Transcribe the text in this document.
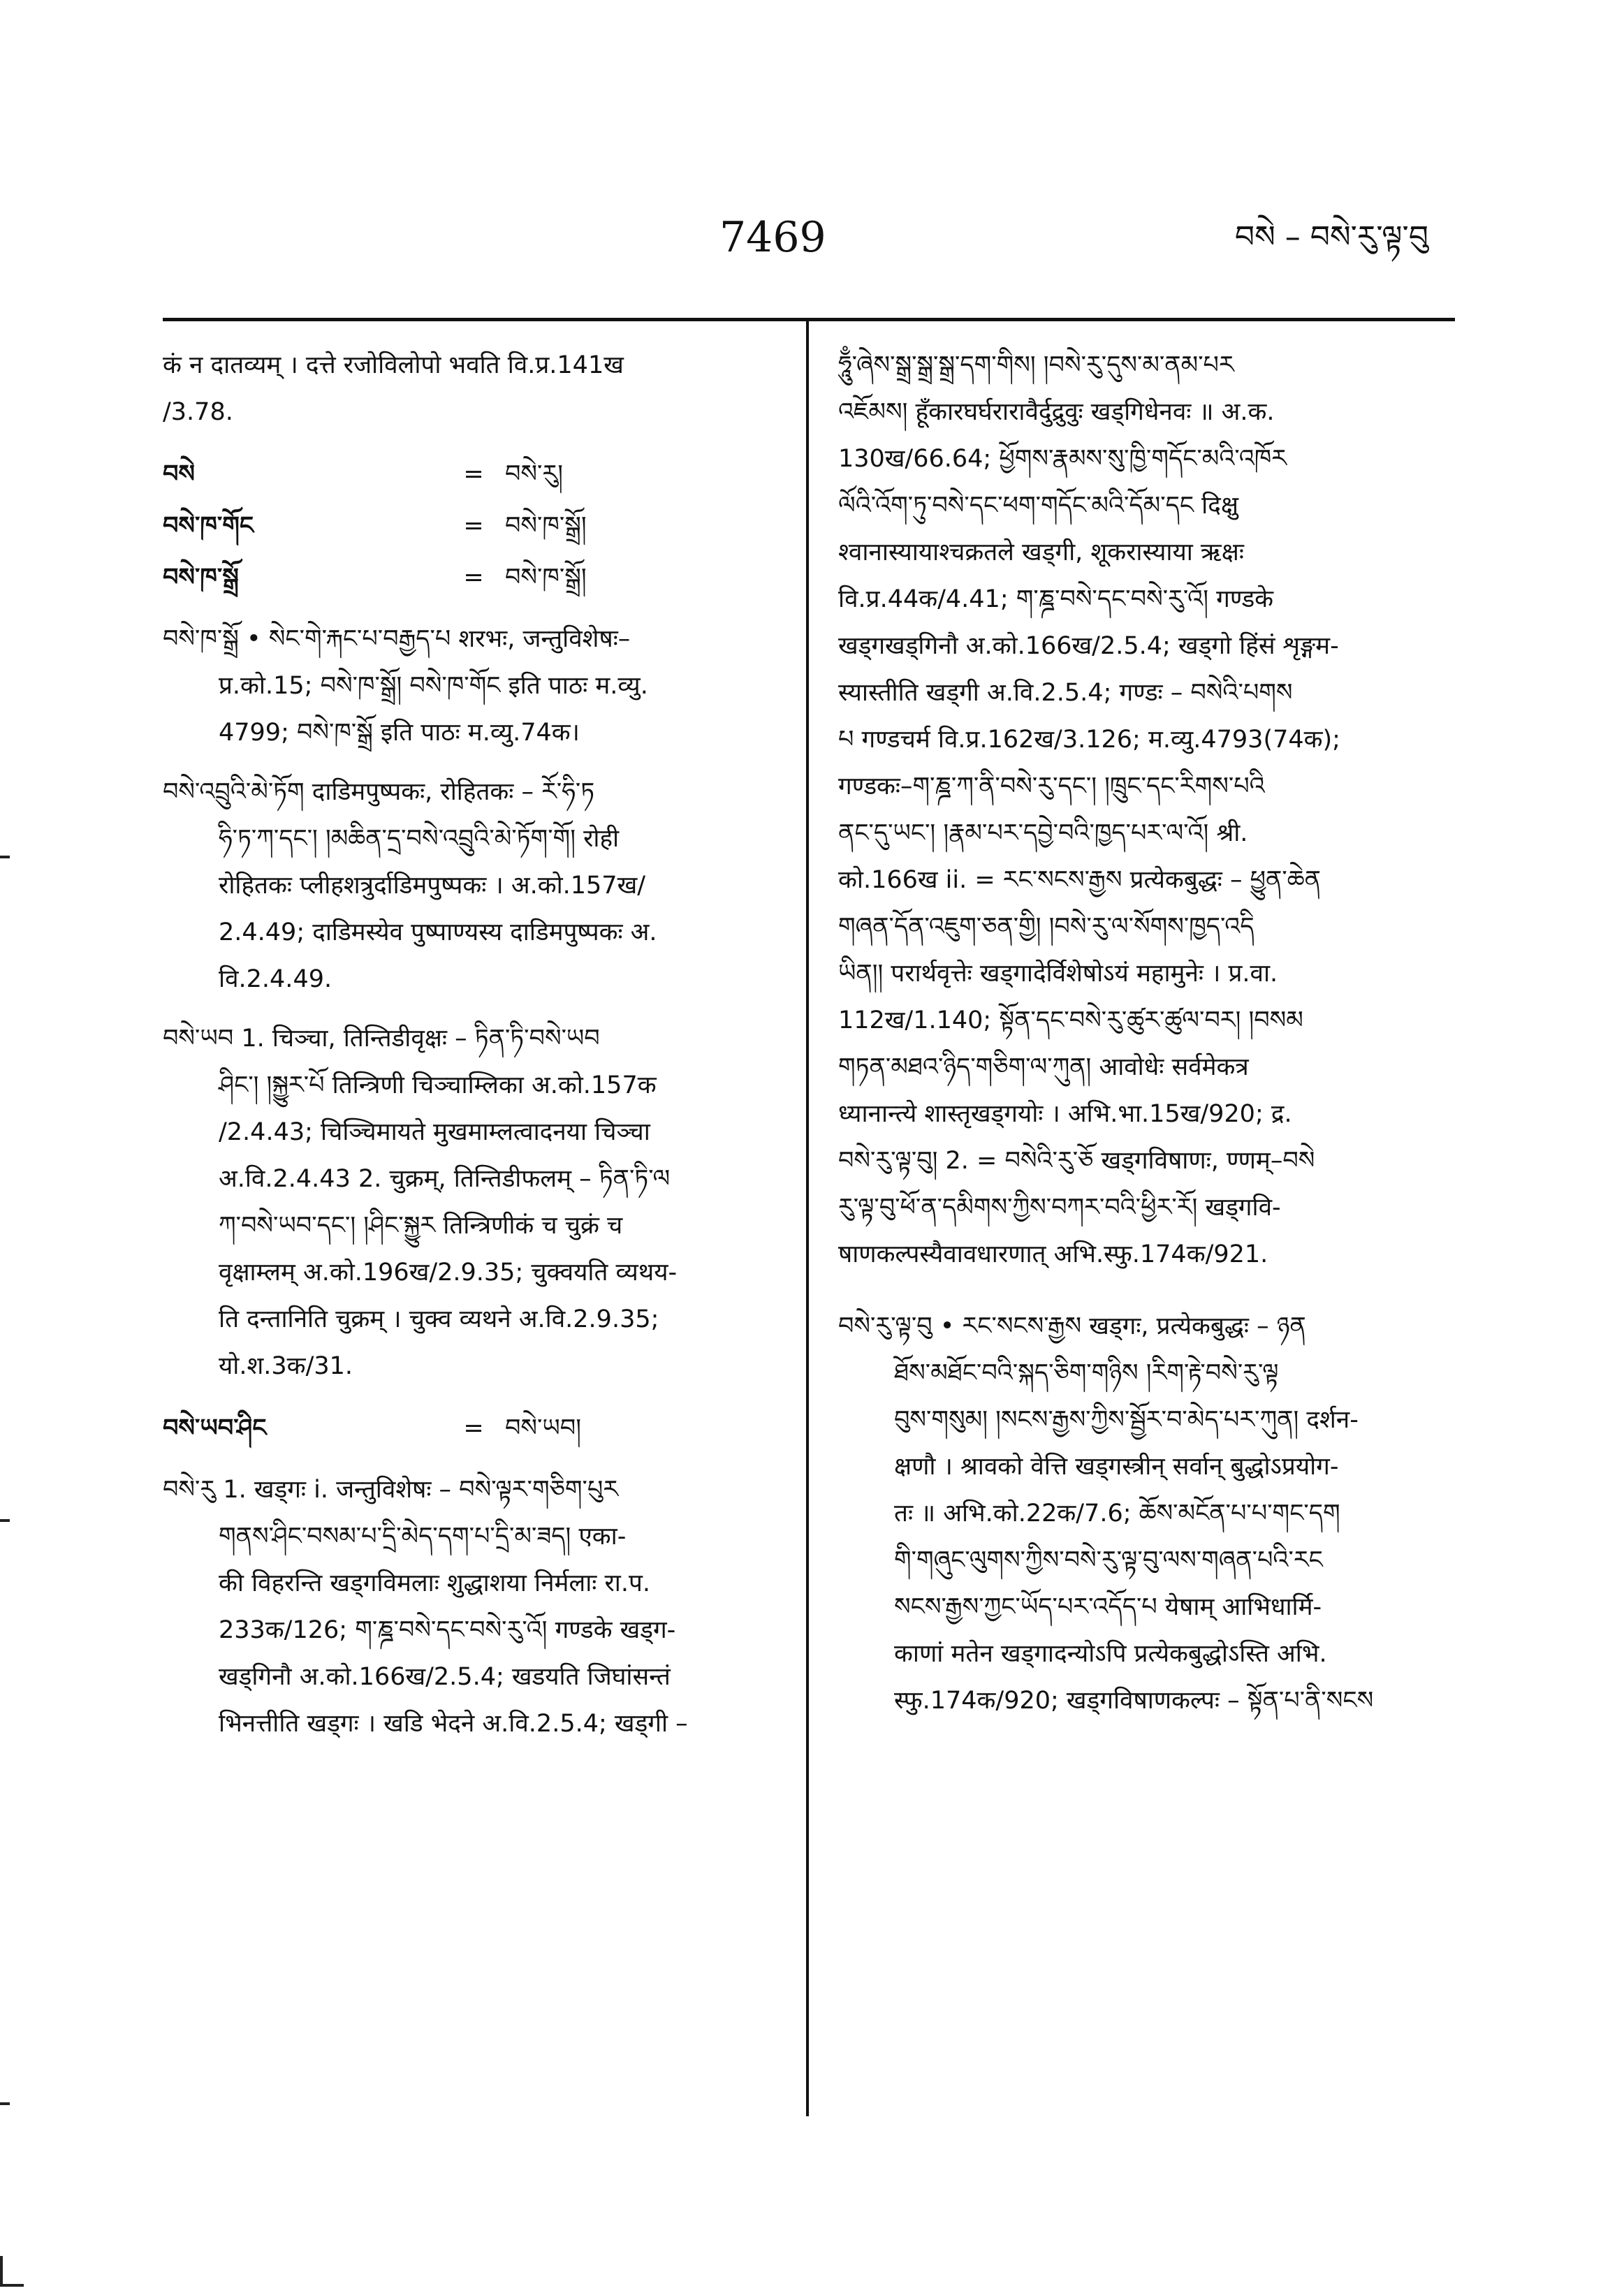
7469	བསེ – བསེ་རུ་ལྟ་བུ
कं न दातव्यम् । दत्ते रजोविलोपो भवति वि.प्र.141ख
/3.78.
བསེ	= བསེ་རུ།
བསེ་ཁ་གོང	= བསེ་ཁ་སྒྲོ།
བསེ་ཁ་སྒྲོ	= བསེ་ཁ་སྒྲོ།
བསེ་ཁ་སྒྲོ • སེང་གེ་རྐང་པ་བརྒྱད་པ शरभः, जन्तुविशेषः–
प्र.को.15; བསེ་ཁ་སྒྲོ། བསེ་ཁ་གོང इति पाठः म.व्यु.
4799; བསེ་ཁ་སྒྲོ इति पाठः म.व्यु.74क।
བསེ་འབྲུའི་མེ་ཏོག दाडिमपुष्पकः, रोहितकः – རོ་ཧི་ཏ
ཧི་ཏ་ཀ་དང་། །མཆིན་དྲ་བསེ་འབྲུའི་མེ་ཏོག་གོ། रोही
रोहितकः प्लीहशत्रुर्दाडिमपुष्पकः । अ.को.157ख/
2.4.49; दाडिमस्येव पुष्पाण्यस्य दाडिमपुष्पकः अ.
वि.2.4.49.
བསེ་ཡབ 1. चिञ्चा, तिन्तिडीवृक्षः – ཏིན་ཏི་བསེ་ཡབ
ཤིང་། །སྐྱུར་པོ तिन्त्रिणी चिञ्चाम्लिका अ.को.157क
/2.4.43; चिञ्चिमायते मुखमाम्लत्वादनया चिञ्चा
अ.वि.2.4.43 2. चुक्रम्, तिन्तिडीफलम् – ཏིན་ཏི་ལ
ཀ་བསེ་ཡབ་དང་། །ཤིང་སྐྱུར तिन्त्रिणीकं च चुक्रं च
वृक्षाम्लम् अ.को.196ख/2.9.35; चुक्वयति व्यथय-
ति दन्तानिति चुक्रम् । चुक्व व्यथने अ.वि.2.9.35;
यो.श.3क/31.
བསེ་ཡབ་ཤིང	= བསེ་ཡབ།
བསེ་རུ 1. खड्गः i. जन्तुविशेषः – བསེ་ལྟར་གཅིག་པུར
གནས་ཤིང་བསམ་པ་དྲི་མེད་དག་པ་དྲི་མ་ཟད། एका-
की विहरन्ति खड्गविमलाः शुद्धाशया निर्मलाः रा.प.
233क/126; ག་ཎྜ་བསེ་དང་བསེ་རུ་འོ། गण्डके खड्ग-
खड्गिनौ अ.को.166ख/2.5.4; खडयति जिघांसन्तं
भिनत्तीति खड्गः । खडि भेदने अ.वि.2.5.4; खड्गी –
ཧཱུྃ་ཞེས་སྒྲ་སྒྲ་སྒྲ་དག་གིས། །བསེ་རུ་དུས་མ་ནམ་པར
འཇོམས། हूँकारघर्घरारावैर्दुद्रुवुः खड्गिधेनवः ॥ अ.क.
130ख/66.64; ཕྱོགས་རྣམས་སུ་ཁྱི་གདོང་མའི་འཁོར
ལོའི་འོག་ཏུ་བསེ་དང་ཕག་གདོང་མའི་དོམ་དང दिक्षु
श्वानास्यायाश्चक्रतले खड्गी, शूकरास्याया ऋक्षः
वि.प्र.44क/4.41; ག་ཎྜ་བསེ་དང་བསེ་རུ་འོ། गण्डके
खड्गखड्गिनौ अ.को.166ख/2.5.4; खड्गो हिंसं शृङ्गम-
स्यास्तीति खड्गी अ.वि.2.5.4; गण्डः – བསེའི་པགས
པ गण्डचर्म वि.प्र.162ख/3.126; म.व्यु.4793(74क);
गण्डकः–ག་ཎྜ་ཀ་ནི་བསེ་རུ་དང་། །ཁྲུང་དང་རིགས་པའི
ནང་དུ་ཡང་། །རྣམ་པར་དབྱེ་བའི་ཁྱད་པར་ལ་འོ། श्री.
को.166ख ii. = རང་སངས་རྒྱས प्रत्येकबुद्धः – ཕྱུན་ཆེན
གཞན་དོན་འཇུག་ཅན་གྱི། །བསེ་རུ་ལ་སོགས་ཁྱད་འདི
ཡིན།། परार्थवृत्तेः खड्गादेर्विशेषोऽयं महामुनेः । प्र.वा.
112ख/1.140; སྟོན་དང་བསེ་རུ་ཚུར་ཚུལ་བར། །བསམ
གཏན་མཐའ་ཉིད་གཅིག་ལ་ཀུན། आवोधेः सर्वमेकत्र
ध्यानान्त्ये शास्तृखड्गयोः । अभि.भा.15ख/920; द्र.
བསེ་རུ་ལྟ་བུ། 2. = བསེའི་རུ་ཅོ खड्गविषाणः, ण्णम्–བསེ
རུ་ལྟ་བུ་ཕོ་ན་དམིགས་ཀྱིས་བཀར་བའི་ཕྱིར་རོ། खड्गवि-
षाणकल्पस्यैवावधारणात् अभि.स्फु.174क/921.
བསེ་རུ་ལྟ་བུ • རང་སངས་རྒྱས खड्गः, प्रत्येकबुद्धः – ཉན
ཐོས་མཐོང་བའི་སྐད་ཅིག་གཉིས །རིག་རྟེ་བསེ་རུ་ལྟ
བུས་གསུམ། །སངས་རྒྱས་ཀྱིས་སྦྱོར་བ་མེད་པར་ཀུན། दर्शन-
क्षणौ । श्रावको वेत्ति खड्गस्त्रीन् सर्वान् बुद्धोऽप्रयोग-
तः ॥ अभि.को.22क/7.6; ཆོས་མངོན་པ་པ་གང་དག
གི་གཞུང་ལུགས་ཀྱིས་བསེ་རུ་ལྟ་བུ་ལས་གཞན་པའི་རང
སངས་རྒྱས་ཀྱང་ཡོད་པར་འདོད་པ येषाम् आभिधार्मि-
काणां मतेन खड्गादन्योऽपि प्रत्येकबुद्धोऽस्ति अभि.
स्फु.174क/920; खड्गविषाणकल्पः – སྟོན་པ་ནི་སངས
